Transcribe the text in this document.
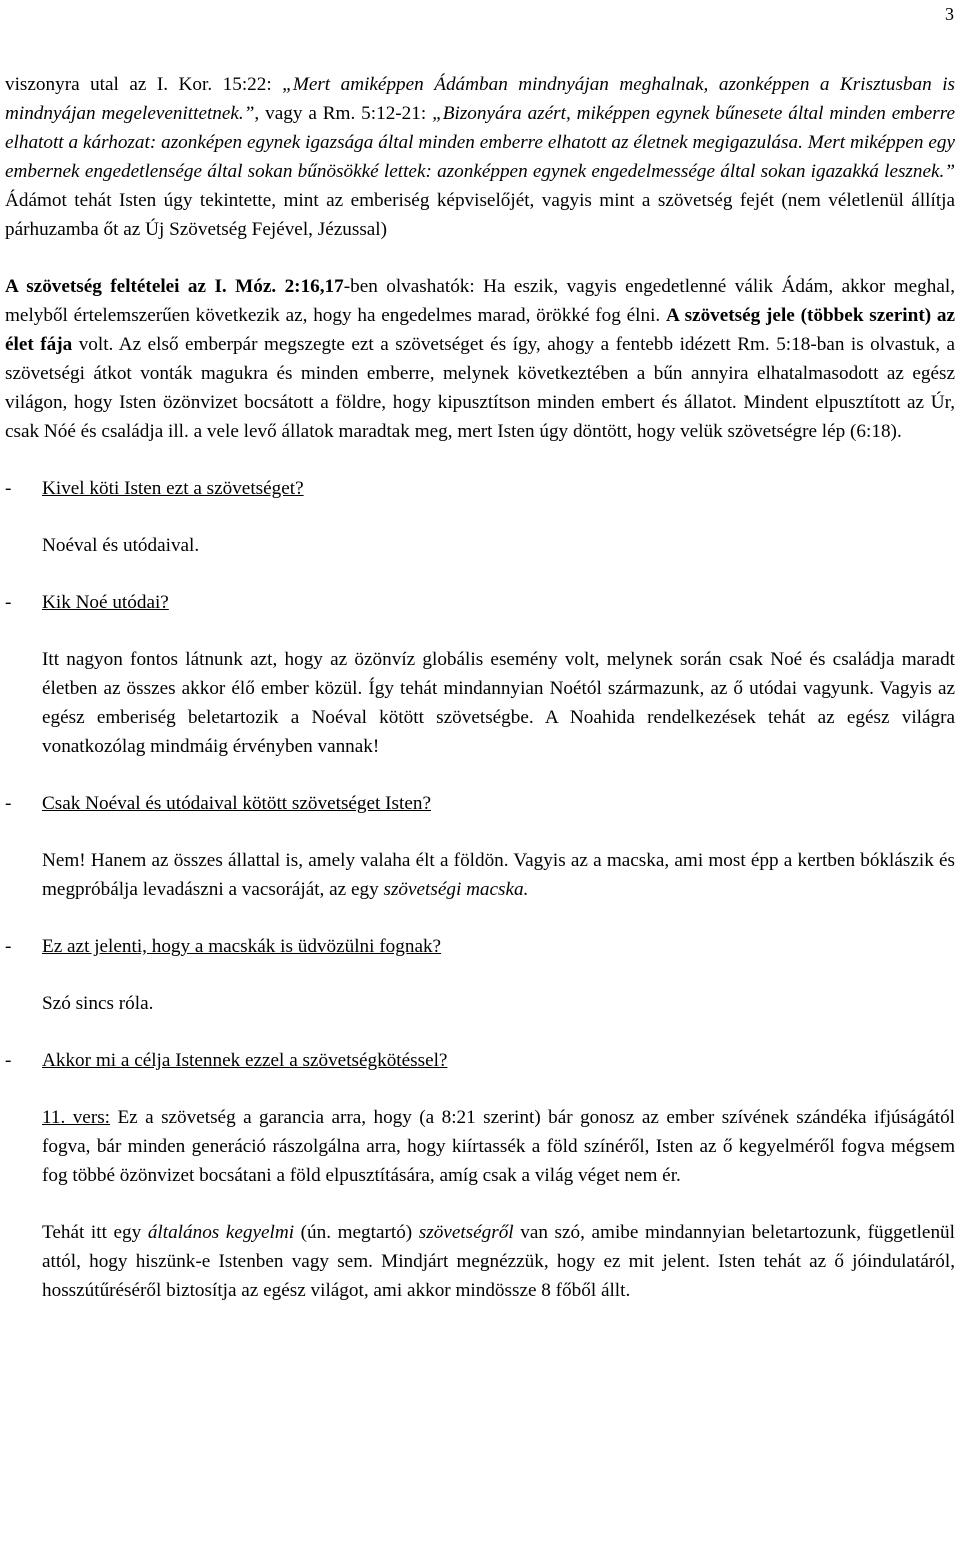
3

viszonyra utal az I. Kor. 15:22: „Mert amiképpen Ádámban mindnyájan meghalnak, azonképpen a Krisztusban is mindnyájan megelevenittetnek.”, vagy a Rm. 5:12-21: „Bizonyára azért, miképpen egynek bűnesete által minden emberre elhatott a kárhozat: azonképen egynek igazsága által minden emberre elhatott az életnek megigazulása. Mert miképpen egy embernek engedetlensége által sokan bűnösökké lettek: azonképpen egynek engedelmessége által sokan igazakká lesznek.” Ádámot tehát Isten úgy tekintette, mint az emberiség képviselőjét, vagyis mint a szövetség fejét (nem véletlenül állítja párhuzamba őt az Új Szövetség Fejével, Jézussal)

A szövetség feltételei az I. Móz. 2:16,17-ben olvashatók: Ha eszik, vagyis engedetlenné válik Ádám, akkor meghal, melyből értelemszerűen következik az, hogy ha engedelmes marad, örökké fog élni. A szövetség jele (többek szerint) az élet fája volt. Az első emberpár megszegte ezt a szövetséget és így, ahogy a fentebb idézett Rm. 5:18-ban is olvastuk, a szövetségi átkot vonták magukra és minden emberre, melynek következtében a bűn annyira elhatalmasodott az egész világon, hogy Isten özönvizet bocsátott a földre, hogy kipusztítson minden embert és állatot. Mindent elpusztított az Úr, csak Nóé és családja ill. a vele levő állatok maradtak meg, mert Isten úgy döntött, hogy velük szövetségre lép (6:18).

- Kivel köti Isten ezt a szövetséget?

Noéval és utódaival.

- Kik Noé utódai?

Itt nagyon fontos látnunk azt, hogy az özönvíz globális esemény volt, melynek során csak Noé és családja maradt életben az összes akkor élő ember közül. Így tehát mindannyian Noétól származunk, az ő utódai vagyunk. Vagyis az egész emberiség beletartozik a Noéval kötött szövetségbe. A Noahida rendelkezések tehát az egész világra vonatkozólag mindmáig érvényben vannak!

- Csak Noéval és utódaival kötött szövetséget Isten?

Nem! Hanem az összes állattal is, amely valaha élt a földön. Vagyis az a macska, ami most épp a kertben bóklászik és megpróbálja levadászni a vacsoráját, az egy szövetségi macska.

- Ez azt jelenti, hogy a macskák is üdvözülni fognak?

Szó sincs róla.

- Akkor mi a célja Istennek ezzel a szövetségkötéssel?

11. vers: Ez a szövetség a garancia arra, hogy (a 8:21 szerint) bár gonosz az ember szívének szándéka ifjúságától fogva, bár minden generáció rászolgálna arra, hogy kiírtassék a föld színéről, Isten az ő kegyelméről fogva mégsem fog többé özönvizet bocsátani a föld elpusztítására, amíg csak a világ véget nem ér.

Tehát itt egy általános kegyelmi (ún. megtartó) szövetségről van szó, amibe mindannyian beletartozunk, függetlenül attól, hogy hiszünk-e Istenben vagy sem. Mindjárt megnézzük, hogy ez mit jelent. Isten tehát az ő jóindulatáról, hosszútűréséről biztosítja az egész világot, ami akkor mindössze 8 főből állt.
